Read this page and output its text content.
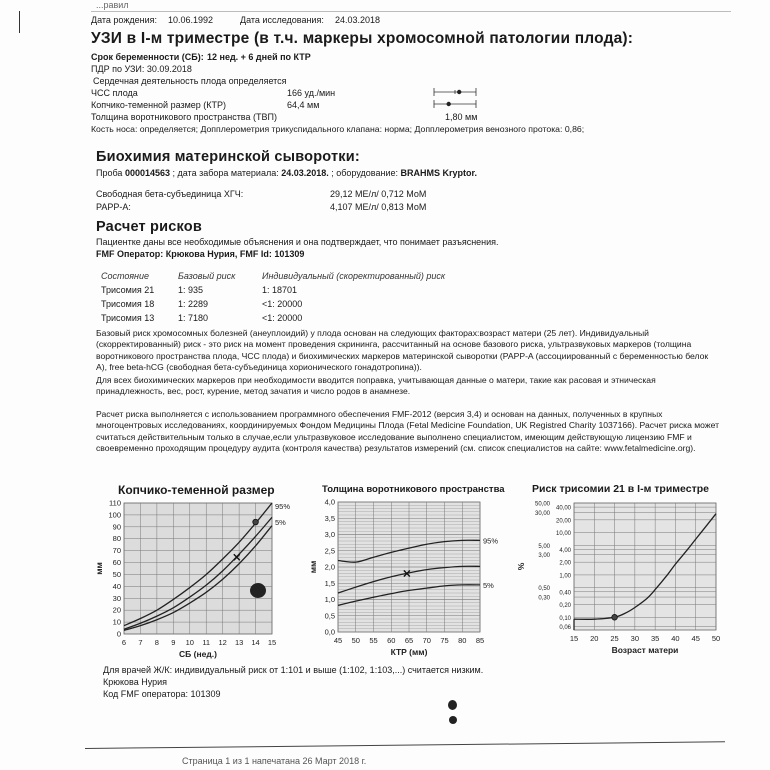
...равил
Дата рождения: 10.06.1992	Дата исследования: 24.03.2018
УЗИ в I-м триместре (в т.ч. маркеры хромосомной патологии плода):
Срок беременности (СБ): 12 нед. + 6 дней по КТР
ПДР по УЗИ: 30.09.2018
Сердечная деятельность плода определяется
ЧСС плода	166 уд./мин
Копчико-теменной размер (КТР)	64,4 мм
Толщина воротникового пространства (ТВП)	1,80 мм
Кость носа: определяется; Допплерометрия трикуспидального клапана: норма; Допплерометрия венозного протока: 0,86;
Биохимия материнской сыворотки:
Проба 000014563 ; дата забора материала: 24.03.2018. ; оборудование: BRAHMS Kryptor.
Свободная бета-субъединица ХГЧ:	29,12 МЕ/л/ 0,712 МоМ
PAPP-A:	4,107 МЕ/л/ 0,813 МоМ
Расчет рисков
Пациентке даны все необходимые объяснения и она подтверждает, что понимает разъяснения.
FMF Оператор: Крюкова Нурия, FMF Id: 101309
Состояние	Базовый риск	Индивидуальный (скоректированный) риск
Трисомия 21	1: 935	1: 18701
Трисомия 18	1: 2289	<1: 20000
Трисомия 13	1: 7180	<1: 20000
Базовый риск хромосомных болезней (анеуплоидий) у плода основан на следующих факторах:возраст матери (25 лет). Индивидуальный (скорректированный) риск - это риск на момент проведения скрининга, рассчитанный на основе базового риска, ультразвуковых маркеров (толщина воротникового пространства плода, ЧСС плода) и биохимических маркеров материнской сыворотки (PAPP-A (ассоциированный с беременностью белок A), free beta-hCG (свободная бета-субъединица хорионического гонадотропина)).
Для всех биохимических маркеров при необходимости вводится поправка, учитывающая данные о матери, такие как расовая и этническая принадлежность, вес, рост, курение, метод зачатия и число родов в анамнезе.
Расчет риска выполняется с использованием программного обеспечения FMF-2012 (версия 3,4) и основан на данных, полученных в крупных многоцентровых исследованиях, координируемых Фондом Медицины Плода (Fetal Medicine Foundation, UK Registred Charity 1037166). Расчет риска может считаться действительным только в случае,если ультразвуковое исследование выполнено специалистом, имеющим действующую лицензию FMF и своевременно проходящим процедуру аудита (контроля качества) результатов измерений (см. список специалистов на сайте: www.fetalmedicine.org).
Копчико-теменной размер	Толщина воротникового пространства	Риск трисомии 21 в I-м триместре
6 7 8 9 10 11 12 13 14 15
0
10
20
30
40
50
60
70
80
90
100
110
СБ (нед.)
мм
95%
5%
45 50 55 60 65 70 75 80 85
0,0
0,5
1,0
1,5
2,0
2,5
3,0
3,5
4,0
КТР (мм)
мм
95%
5%
15 20 25 30 35 40 45 50
0,06
0,10
0,20
0,30
0,40
0,50
1,00
2,00
3,00
4,00
5,00
10,00
20,00
30,00
40,00
50,00
Возраст матери
%
Для врачей Ж/К: индивидуальный риск от 1:101 и выше (1:102, 1:103,...) считается низким.
Крюкова Нурия
Код FMF оператора: 101309
Страница 1 из 1 напечатана 26 Март 2018 г.
